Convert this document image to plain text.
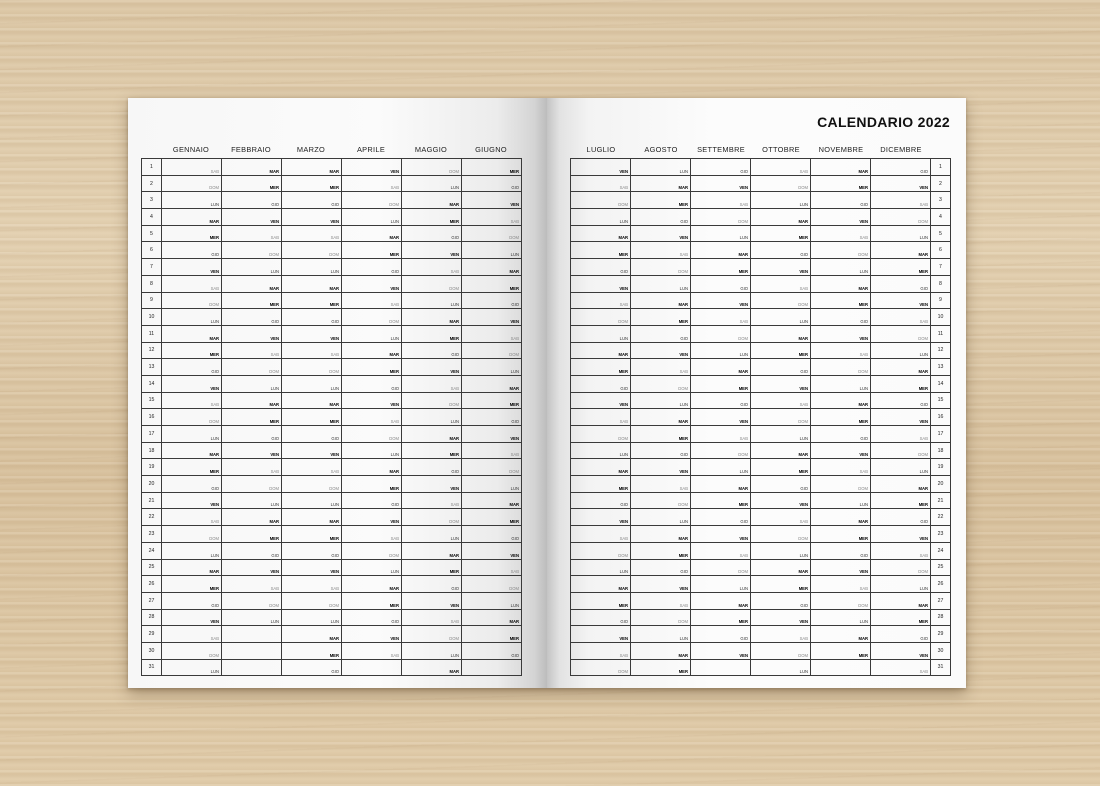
GENNAIO	FEBBRAIO	MARZO	APRILE	MAGGIO	GIUGNO
1	SAB	MAR	MAR	VEN	DOM	MER
2	DOM	MER	MER	SAB	LUN	GIO
3	LUN	GIO	GIO	DOM	MAR	VEN
4	MAR	VEN	VEN	LUN	MER	SAB
5	MER	SAB	SAB	MAR	GIO	DOM
6	GIO	DOM	DOM	MER	VEN	LUN
7	VEN	LUN	LUN	GIO	SAB	MAR
8	SAB	MAR	MAR	VEN	DOM	MER
9	DOM	MER	MER	SAB	LUN	GIO
10	LUN	GIO	GIO	DOM	MAR	VEN
11	MAR	VEN	VEN	LUN	MER	SAB
12	MER	SAB	SAB	MAR	GIO	DOM
13	GIO	DOM	DOM	MER	VEN	LUN
14	VEN	LUN	LUN	GIO	SAB	MAR
15	SAB	MAR	MAR	VEN	DOM	MER
16	DOM	MER	MER	SAB	LUN	GIO
17	LUN	GIO	GIO	DOM	MAR	VEN
18	MAR	VEN	VEN	LUN	MER	SAB
19	MER	SAB	SAB	MAR	GIO	DOM
20	GIO	DOM	DOM	MER	VEN	LUN
21	VEN	LUN	LUN	GIO	SAB	MAR
22	SAB	MAR	MAR	VEN	DOM	MER
23	DOM	MER	MER	SAB	LUN	GIO
24	LUN	GIO	GIO	DOM	MAR	VEN
25	MAR	VEN	VEN	LUN	MER	SAB
26	MER	SAB	SAB	MAR	GIO	DOM
27	GIO	DOM	DOM	MER	VEN	LUN
28	VEN	LUN	LUN	GIO	SAB	MAR
29	SAB		MAR	VEN	DOM	MER
30	DOM		MER	SAB	LUN	GIO
31	LUN		GIO		MAR	
CALENDARIO 2022
LUGLIO	AGOSTO	SETTEMBRE	OTTOBRE	NOVEMBRE	DICEMBRE
VEN	LUN	GIO	SAB	MAR	GIO	1
SAB	MAR	VEN	DOM	MER	VEN	2
DOM	MER	SAB	LUN	GIO	SAB	3
LUN	GIO	DOM	MAR	VEN	DOM	4
MAR	VEN	LUN	MER	SAB	LUN	5
MER	SAB	MAR	GIO	DOM	MAR	6
GIO	DOM	MER	VEN	LUN	MER	7
VEN	LUN	GIO	SAB	MAR	GIO	8
SAB	MAR	VEN	DOM	MER	VEN	9
DOM	MER	SAB	LUN	GIO	SAB	10
LUN	GIO	DOM	MAR	VEN	DOM	11
MAR	VEN	LUN	MER	SAB	LUN	12
MER	SAB	MAR	GIO	DOM	MAR	13
GIO	DOM	MER	VEN	LUN	MER	14
VEN	LUN	GIO	SAB	MAR	GIO	15
SAB	MAR	VEN	DOM	MER	VEN	16
DOM	MER	SAB	LUN	GIO	SAB	17
LUN	GIO	DOM	MAR	VEN	DOM	18
MAR	VEN	LUN	MER	SAB	LUN	19
MER	SAB	MAR	GIO	DOM	MAR	20
GIO	DOM	MER	VEN	LUN	MER	21
VEN	LUN	GIO	SAB	MAR	GIO	22
SAB	MAR	VEN	DOM	MER	VEN	23
DOM	MER	SAB	LUN	GIO	SAB	24
LUN	GIO	DOM	MAR	VEN	DOM	25
MAR	VEN	LUN	MER	SAB	LUN	26
MER	SAB	MAR	GIO	DOM	MAR	27
GIO	DOM	MER	VEN	LUN	MER	28
VEN	LUN	GIO	SAB	MAR	GIO	29
SAB	MAR	VEN	DOM	MER	VEN	30
DOM	MER		LUN		SAB	31
